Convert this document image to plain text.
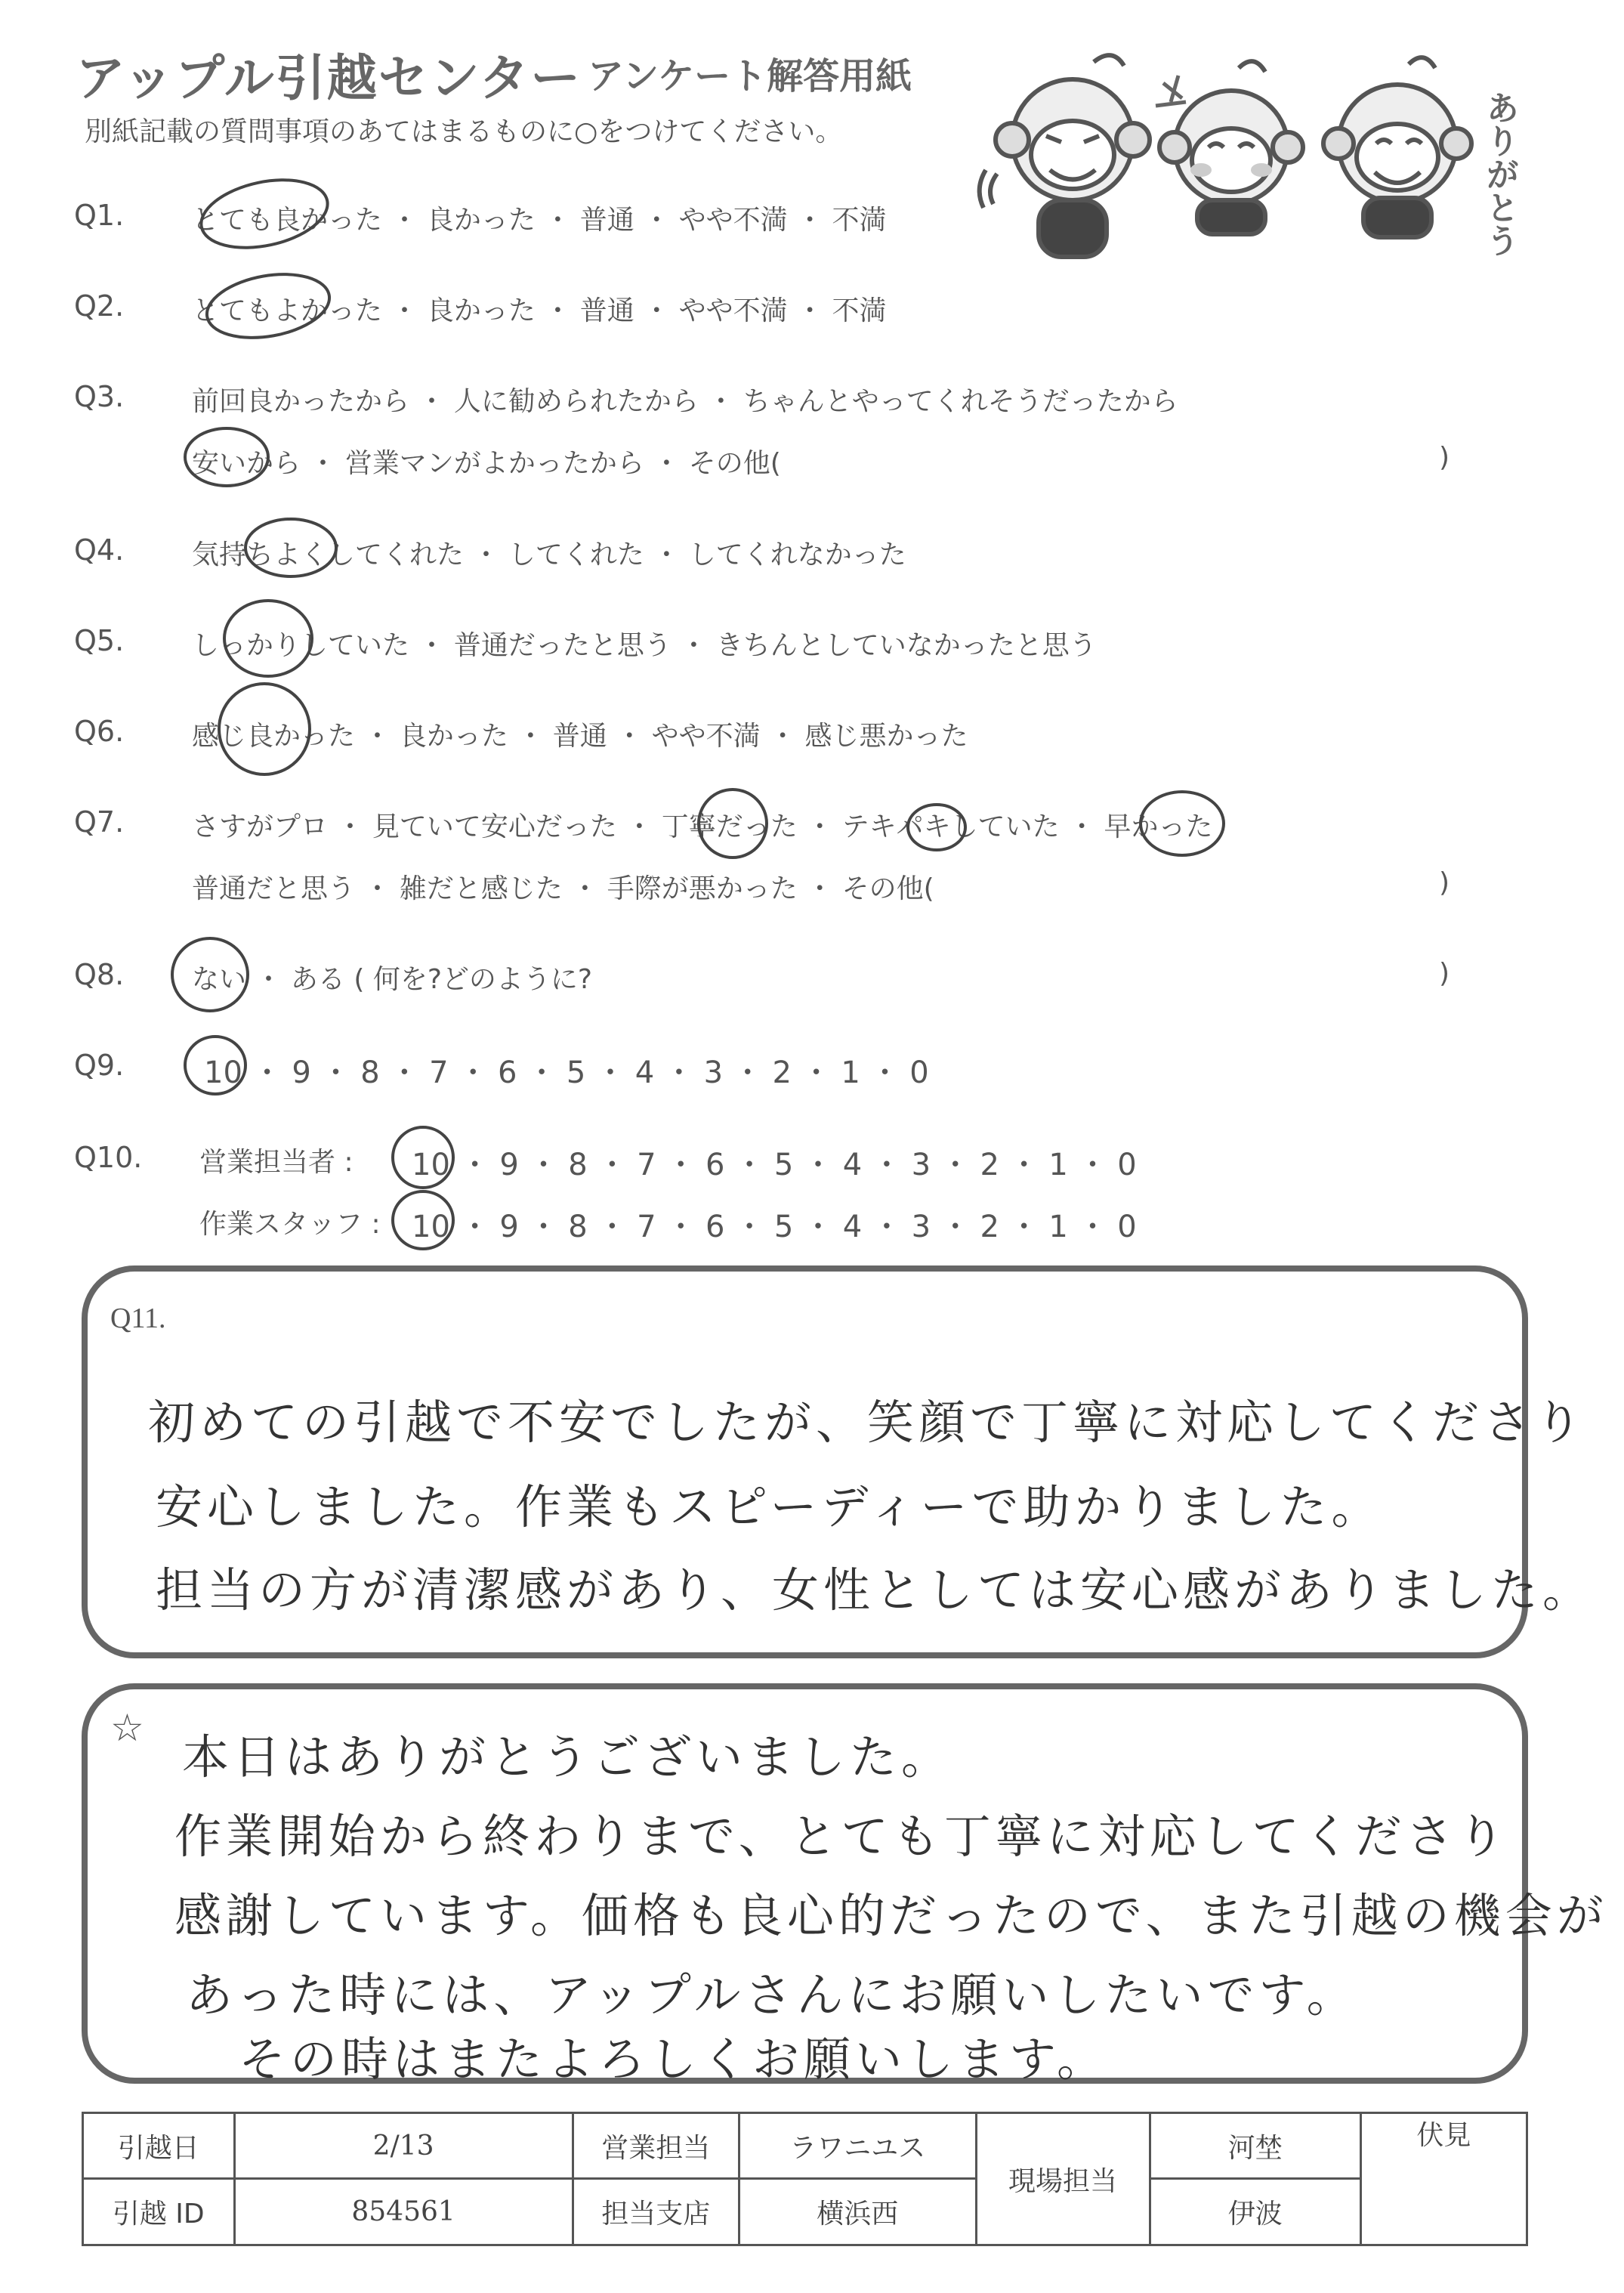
アップル引越センター アンケート解答用紙
別紙記載の質問事項のあてはまるものに○をつけてください。	ありがとう
Q1. とても良かった ・ 良かった ・ 普通 ・ やや不満 ・ 不満
Q2. とてもよかった ・ 良かった ・ 普通 ・ やや不満 ・ 不満
Q3. 前回良かったから ・ 人に勧められたから ・ ちゃんとやってくれそうだったから
安いから ・ 営業マンがよかったから ・ その他(	)
Q4. 気持ちよくしてくれた ・ してくれた ・ してくれなかった
Q5. しっかりしていた ・ 普通だったと思う ・ きちんとしていなかったと思う
Q6. 感じ良かった ・ 良かった ・ 普通 ・ やや不満 ・ 感じ悪かった
Q7. さすがプロ ・ 見ていて安心だった ・ 丁寧だった ・ テキパキしていた ・ 早かった
普通だと思う ・ 雑だと感じた ・ 手際が悪かった ・ その他(	)
Q8. ない ・ ある ( 何を?どのように?	)
Q9.	10 ・ 9 ・ 8 ・ 7 ・ 6 ・ 5 ・ 4 ・ 3 ・ 2 ・ 1 ・ 0
Q10. 営業担当者 : 10 ・ 9 ・ 8 ・ 7 ・ 6 ・ 5 ・ 4 ・ 3 ・ 2 ・ 1 ・ 0
作業スタッフ : 10 ・ 9 ・ 8 ・ 7 ・ 6 ・ 5 ・ 4 ・ 3 ・ 2 ・ 1 ・ 0
Q11.
初めての引越で不安でしたが、笑顔で丁寧に対応してくださり
安心しました。作業もスピーディーで助かりました。
担当の方が清潔感があり、女性としては安心感がありました。
☆
本日はありがとうございました。
作業開始から終わりまで、とても丁寧に対応してくださり
感謝しています。価格も良心的だったので、また引越の機会が
あった時には、アップルさんにお願いしたいです。
その時はまたよろしくお願いします。
引越日	2/13	営業担当	ラワニユス	現場担当	河埜	伏見
引越 ID	854561	担当支店	横浜西		伊波	
